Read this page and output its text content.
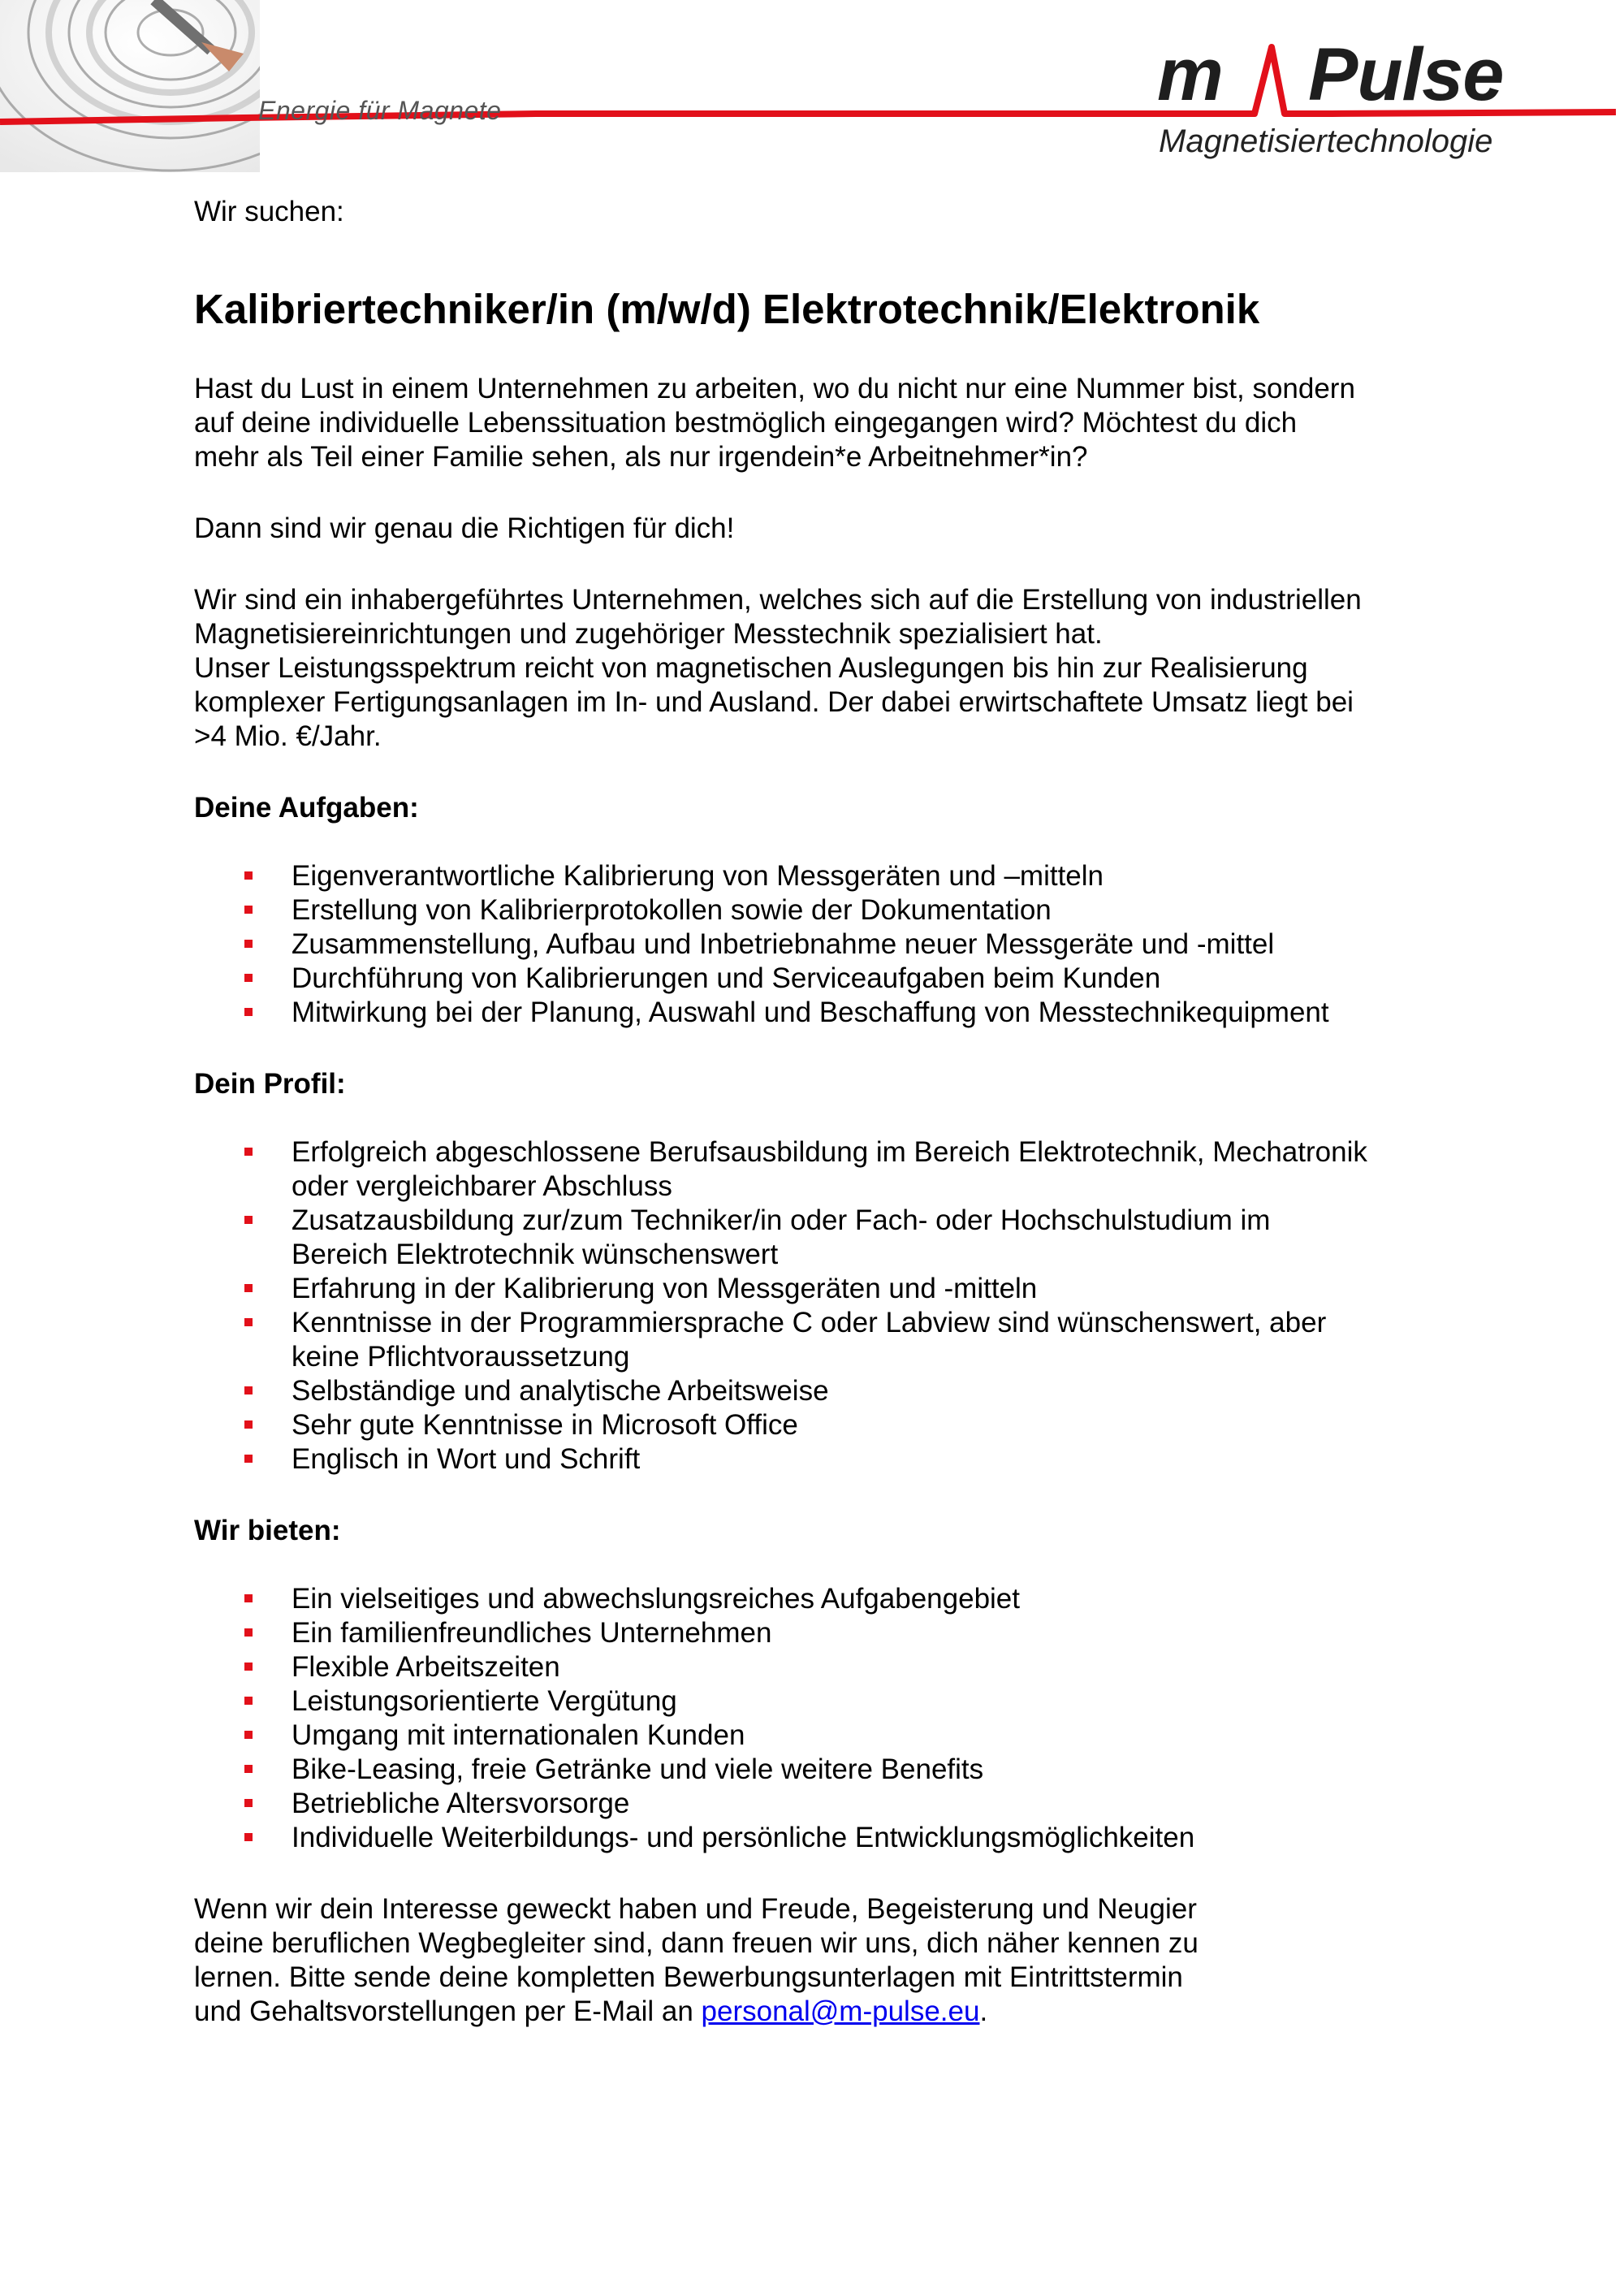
Energie für Magnete	m Pulse
Magnetisiertechnologie

Wir suchen:

Kalibriertechniker/in (m/w/d) Elektrotechnik/Elektronik

Hast du Lust in einem Unternehmen zu arbeiten, wo du nicht nur eine Nummer bist, sondern
auf deine individuelle Lebenssituation bestmöglich eingegangen wird? Möchtest du dich
mehr als Teil einer Familie sehen, als nur irgendein*e Arbeitnehmer*in?

Dann sind wir genau die Richtigen für dich!

Wir sind ein inhabergeführtes Unternehmen, welches sich auf die Erstellung von industriellen
Magnetisiereinrichtungen und zugehöriger Messtechnik spezialisiert hat.
Unser Leistungsspektrum reicht von magnetischen Auslegungen bis hin zur Realisierung
komplexer Fertigungsanlagen im In- und Ausland. Der dabei erwirtschaftete Umsatz liegt bei
>4 Mio. €/Jahr.

Deine Aufgaben:

Eigenverantwortliche Kalibrierung von Messgeräten und –mitteln
Erstellung von Kalibrierprotokollen sowie der Dokumentation
Zusammenstellung, Aufbau und Inbetriebnahme neuer Messgeräte und -mittel
Durchführung von Kalibrierungen und Serviceaufgaben beim Kunden
Mitwirkung bei der Planung, Auswahl und Beschaffung von Messtechnikequipment

Dein Profil:

Erfolgreich abgeschlossene Berufsausbildung im Bereich Elektrotechnik, Mechatronik
oder vergleichbarer Abschluss
Zusatzausbildung zur/zum Techniker/in oder Fach- oder Hochschulstudium im
Bereich Elektrotechnik wünschenswert
Erfahrung in der Kalibrierung von Messgeräten und -mitteln
Kenntnisse in der Programmiersprache C oder Labview sind wünschenswert, aber
keine Pflichtvoraussetzung
Selbständige und analytische Arbeitsweise
Sehr gute Kenntnisse in Microsoft Office
Englisch in Wort und Schrift

Wir bieten:

Ein vielseitiges und abwechslungsreiches Aufgabengebiet
Ein familienfreundliches Unternehmen
Flexible Arbeitszeiten
Leistungsorientierte Vergütung
Umgang mit internationalen Kunden
Bike-Leasing, freie Getränke und viele weitere Benefits
Betriebliche Altersvorsorge
Individuelle Weiterbildungs- und persönliche Entwicklungsmöglichkeiten

Wenn wir dein Interesse geweckt haben und Freude, Begeisterung und Neugier
deine beruflichen Wegbegleiter sind, dann freuen wir uns, dich näher kennen zu
lernen. Bitte sende deine kompletten Bewerbungsunterlagen mit Eintrittstermin
und Gehaltsvorstellungen per E-Mail an personal@m-pulse.eu.
